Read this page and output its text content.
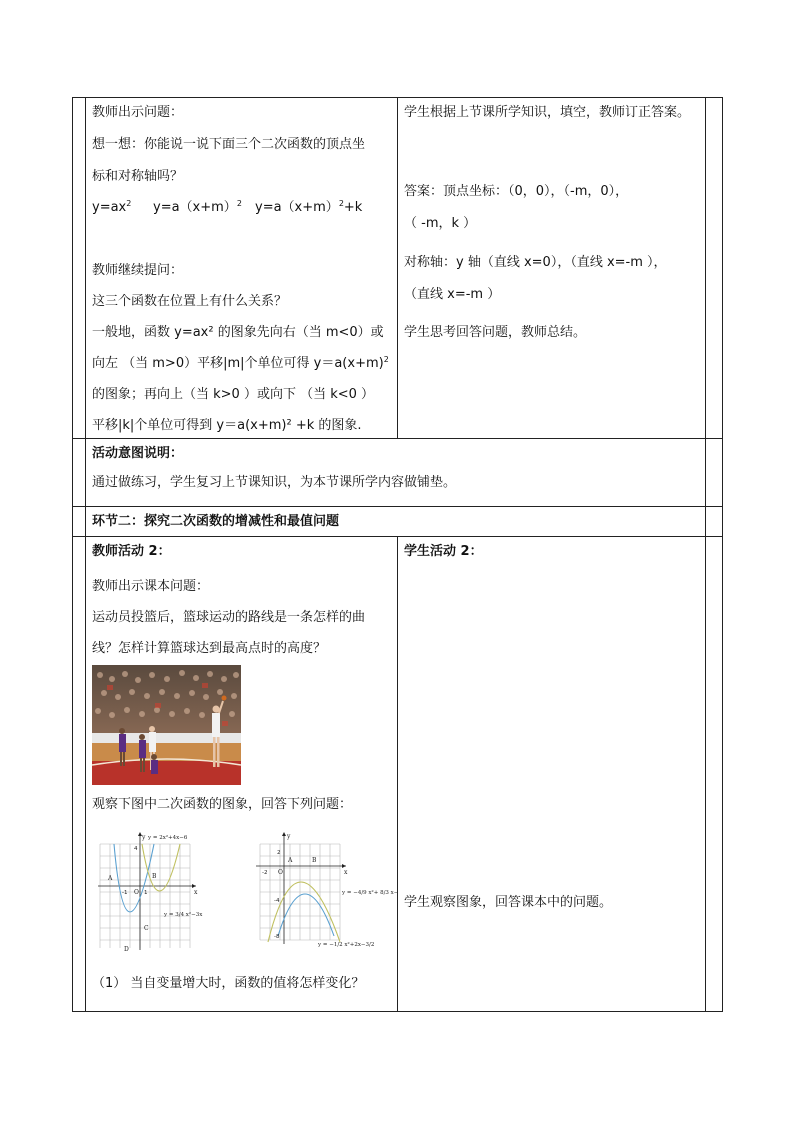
教师出示问题：
想一想：你能说一说下面三个二次函数的顶点坐
标和对称轴吗？
$y=ax^2$ $y=a(x+m)^2$ $y=a(x+m)^2+k$
教师继续提问：
这三个函数在位置上有什么关系？
一般地，函数 y=ax² 的图象先向右（当 m<0）或
向左 （当 m>0）平移|m|个单位可得 $y=a(x+m)^2$
的图象；再向上（当 k>0 ）或向下 （当 k<0 ）
平移|k|个单位可得到 y＝a(x+m)² +k 的图象.
学生根据上节课所学知识，填空，教师订正答案。
答案：顶点坐标：（0，0），（-m，0），
（ -m，k ）
对称轴：y 轴（直线 x=0），（直线 x=-m ），
（直线 x=-m ）
学生思考回答问题，教师总结。
活动意图说明：
通过做练习，学生复习上节课知识，为本节课所学内容做铺垫。
环节二：探究二次函数的增减性和最值问题
教师活动 2：
教师出示课本问题：
运动员投篮后，篮球运动的路线是一条怎样的曲
线？怎样计算篮球达到最高点时的高度？
观察下图中二次函数的图象，回答下列问题：
y
x
O
A	B
C
D
-1	1
4
y = 2x²+4x−6
y = 3/4 x²−3x
y
x
O
A	B
2
-2
-4
-8
y = −4/9 x²+ 8/3 x−6
y = −1/2 x²+2x−3/2
（1） 当自变量增大时，函数的值将怎样变化？
学生活动 2：
学生观察图象，回答课本中的问题。
